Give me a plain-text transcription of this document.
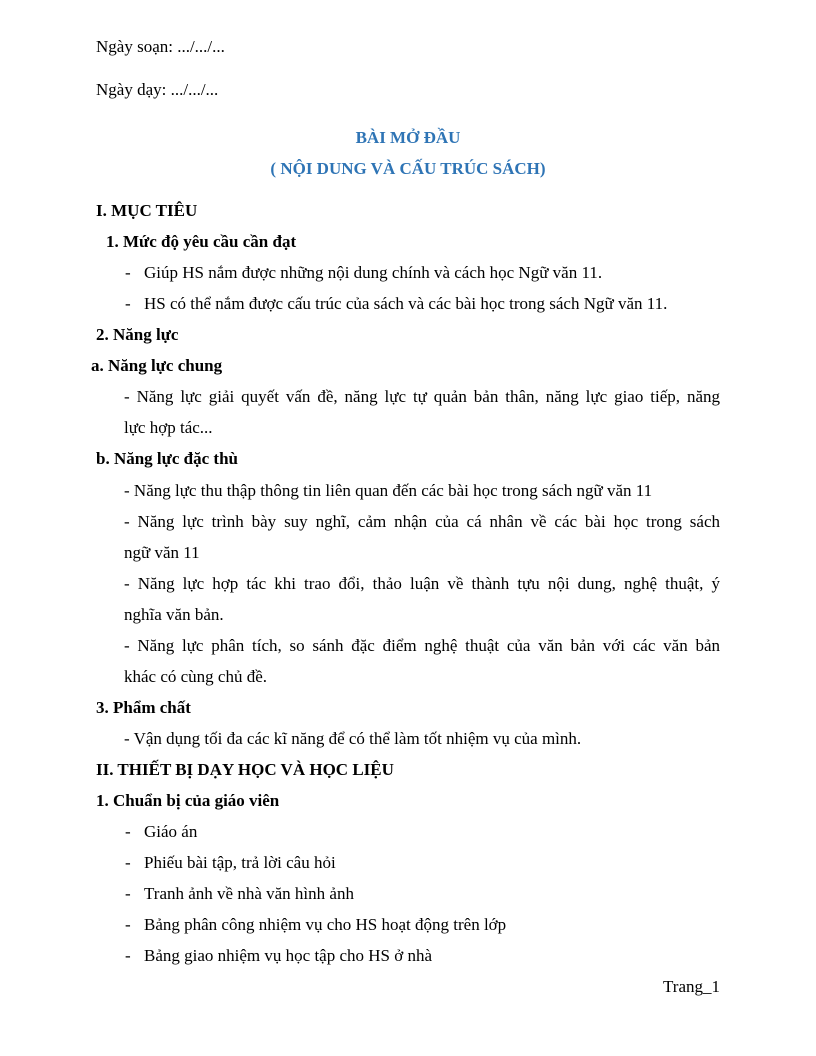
Ngày soạn: .../.../...
Ngày dạy: .../.../...
BÀI MỞ ĐẦU
( NỘI DUNG VÀ CẤU TRÚC SÁCH)
I. MỤC TIÊU
1. Mức độ yêu cầu cần đạt
- Giúp HS nắm được những nội dung chính và cách học Ngữ văn 11.
- HS có thể nắm được cấu trúc của sách và các bài học trong sách Ngữ văn 11.
2. Năng lực
a. Năng lực chung
- Năng lực giải quyết vấn đề, năng lực tự quản bản thân, năng lực giao tiếp, năng
lực hợp tác...
b. Năng lực đặc thù
- Năng lực thu thập thông tin liên quan đến các bài học trong sách ngữ văn 11
- Năng lực trình bày suy nghĩ, cảm nhận của cá nhân về các bài học trong sách
ngữ văn 11
- Năng lực hợp tác khi trao đổi, thảo luận về thành tựu nội dung, nghệ thuật, ý
nghĩa văn bản.
- Năng lực phân tích, so sánh đặc điểm nghệ thuật của văn bản với các văn bản
khác có cùng chủ đề.
3. Phẩm chất
- Vận dụng tối đa các kĩ năng để có thể làm tốt nhiệm vụ của mình.
II. THIẾT BỊ DẠY HỌC VÀ HỌC LIỆU
1. Chuẩn bị của giáo viên
- Giáo án
- Phiếu bài tập, trả lời câu hỏi
- Tranh ảnh về nhà văn hình ảnh
- Bảng phân công nhiệm vụ cho HS hoạt động trên lớp
- Bảng giao nhiệm vụ học tập cho HS ở nhà
Trang_1
